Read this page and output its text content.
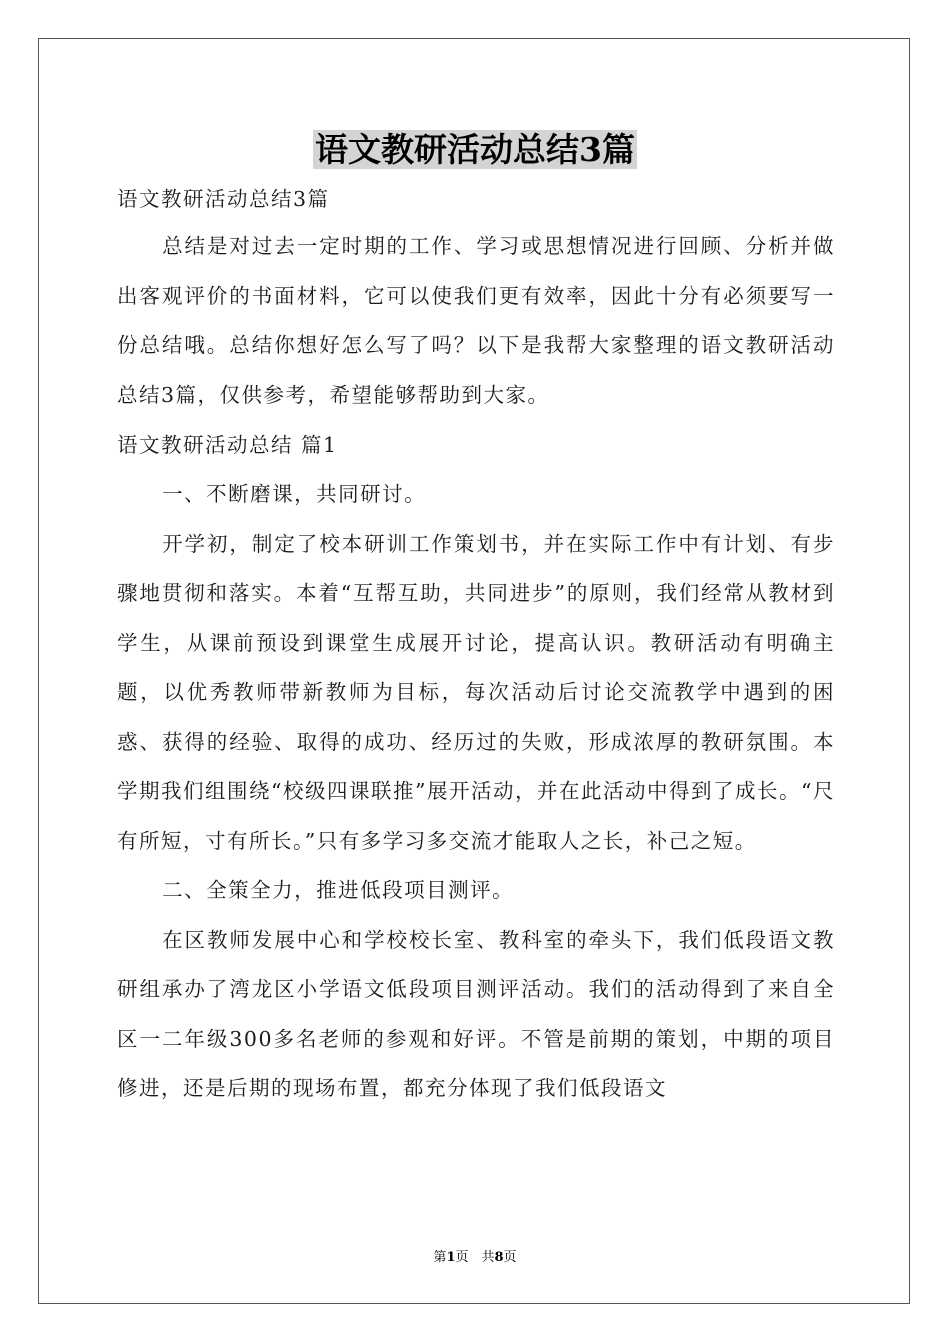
语文教研活动总结3篇

语文教研活动总结3篇

总结是对过去一定时期的工作、学习或思想情况进行回顾、分析并做出客观评价的书面材料，它可以使我们更有效率，因此十分有必须要写一份总结哦。总结你想好怎么写了吗？以下是我帮大家整理的语文教研活动总结3篇，仅供参考，希望能够帮助到大家。

语文教研活动总结 篇1

一、不断磨课，共同研讨。

开学初，制定了校本研训工作策划书，并在实际工作中有计划、有步骤地贯彻和落实。本着“互帮互助，共同进步”的原则，我们经常从教材到学生，从课前预设到课堂生成展开讨论，提高认识。教研活动有明确主题，以优秀教师带新教师为目标，每次活动后讨论交流教学中遇到的困惑、获得的经验、取得的成功、经历过的失败，形成浓厚的教研氛围。本学期我们组围绕“校级四课联推”展开活动，并在此活动中得到了成长。“尺有所短，寸有所长。”只有多学习多交流才能取人之长，补己之短。

二、全策全力，推进低段项目测评。

在区教师发展中心和学校校长室、教科室的牵头下，我们低段语文教研组承办了湾龙区小学语文低段项目测评活动。我们的活动得到了来自全区一二年级300多名老师的参观和好评。不管是前期的策划，中期的项目修进，还是后期的现场布置，都充分体现了我们低段语文

第1页　共8页
